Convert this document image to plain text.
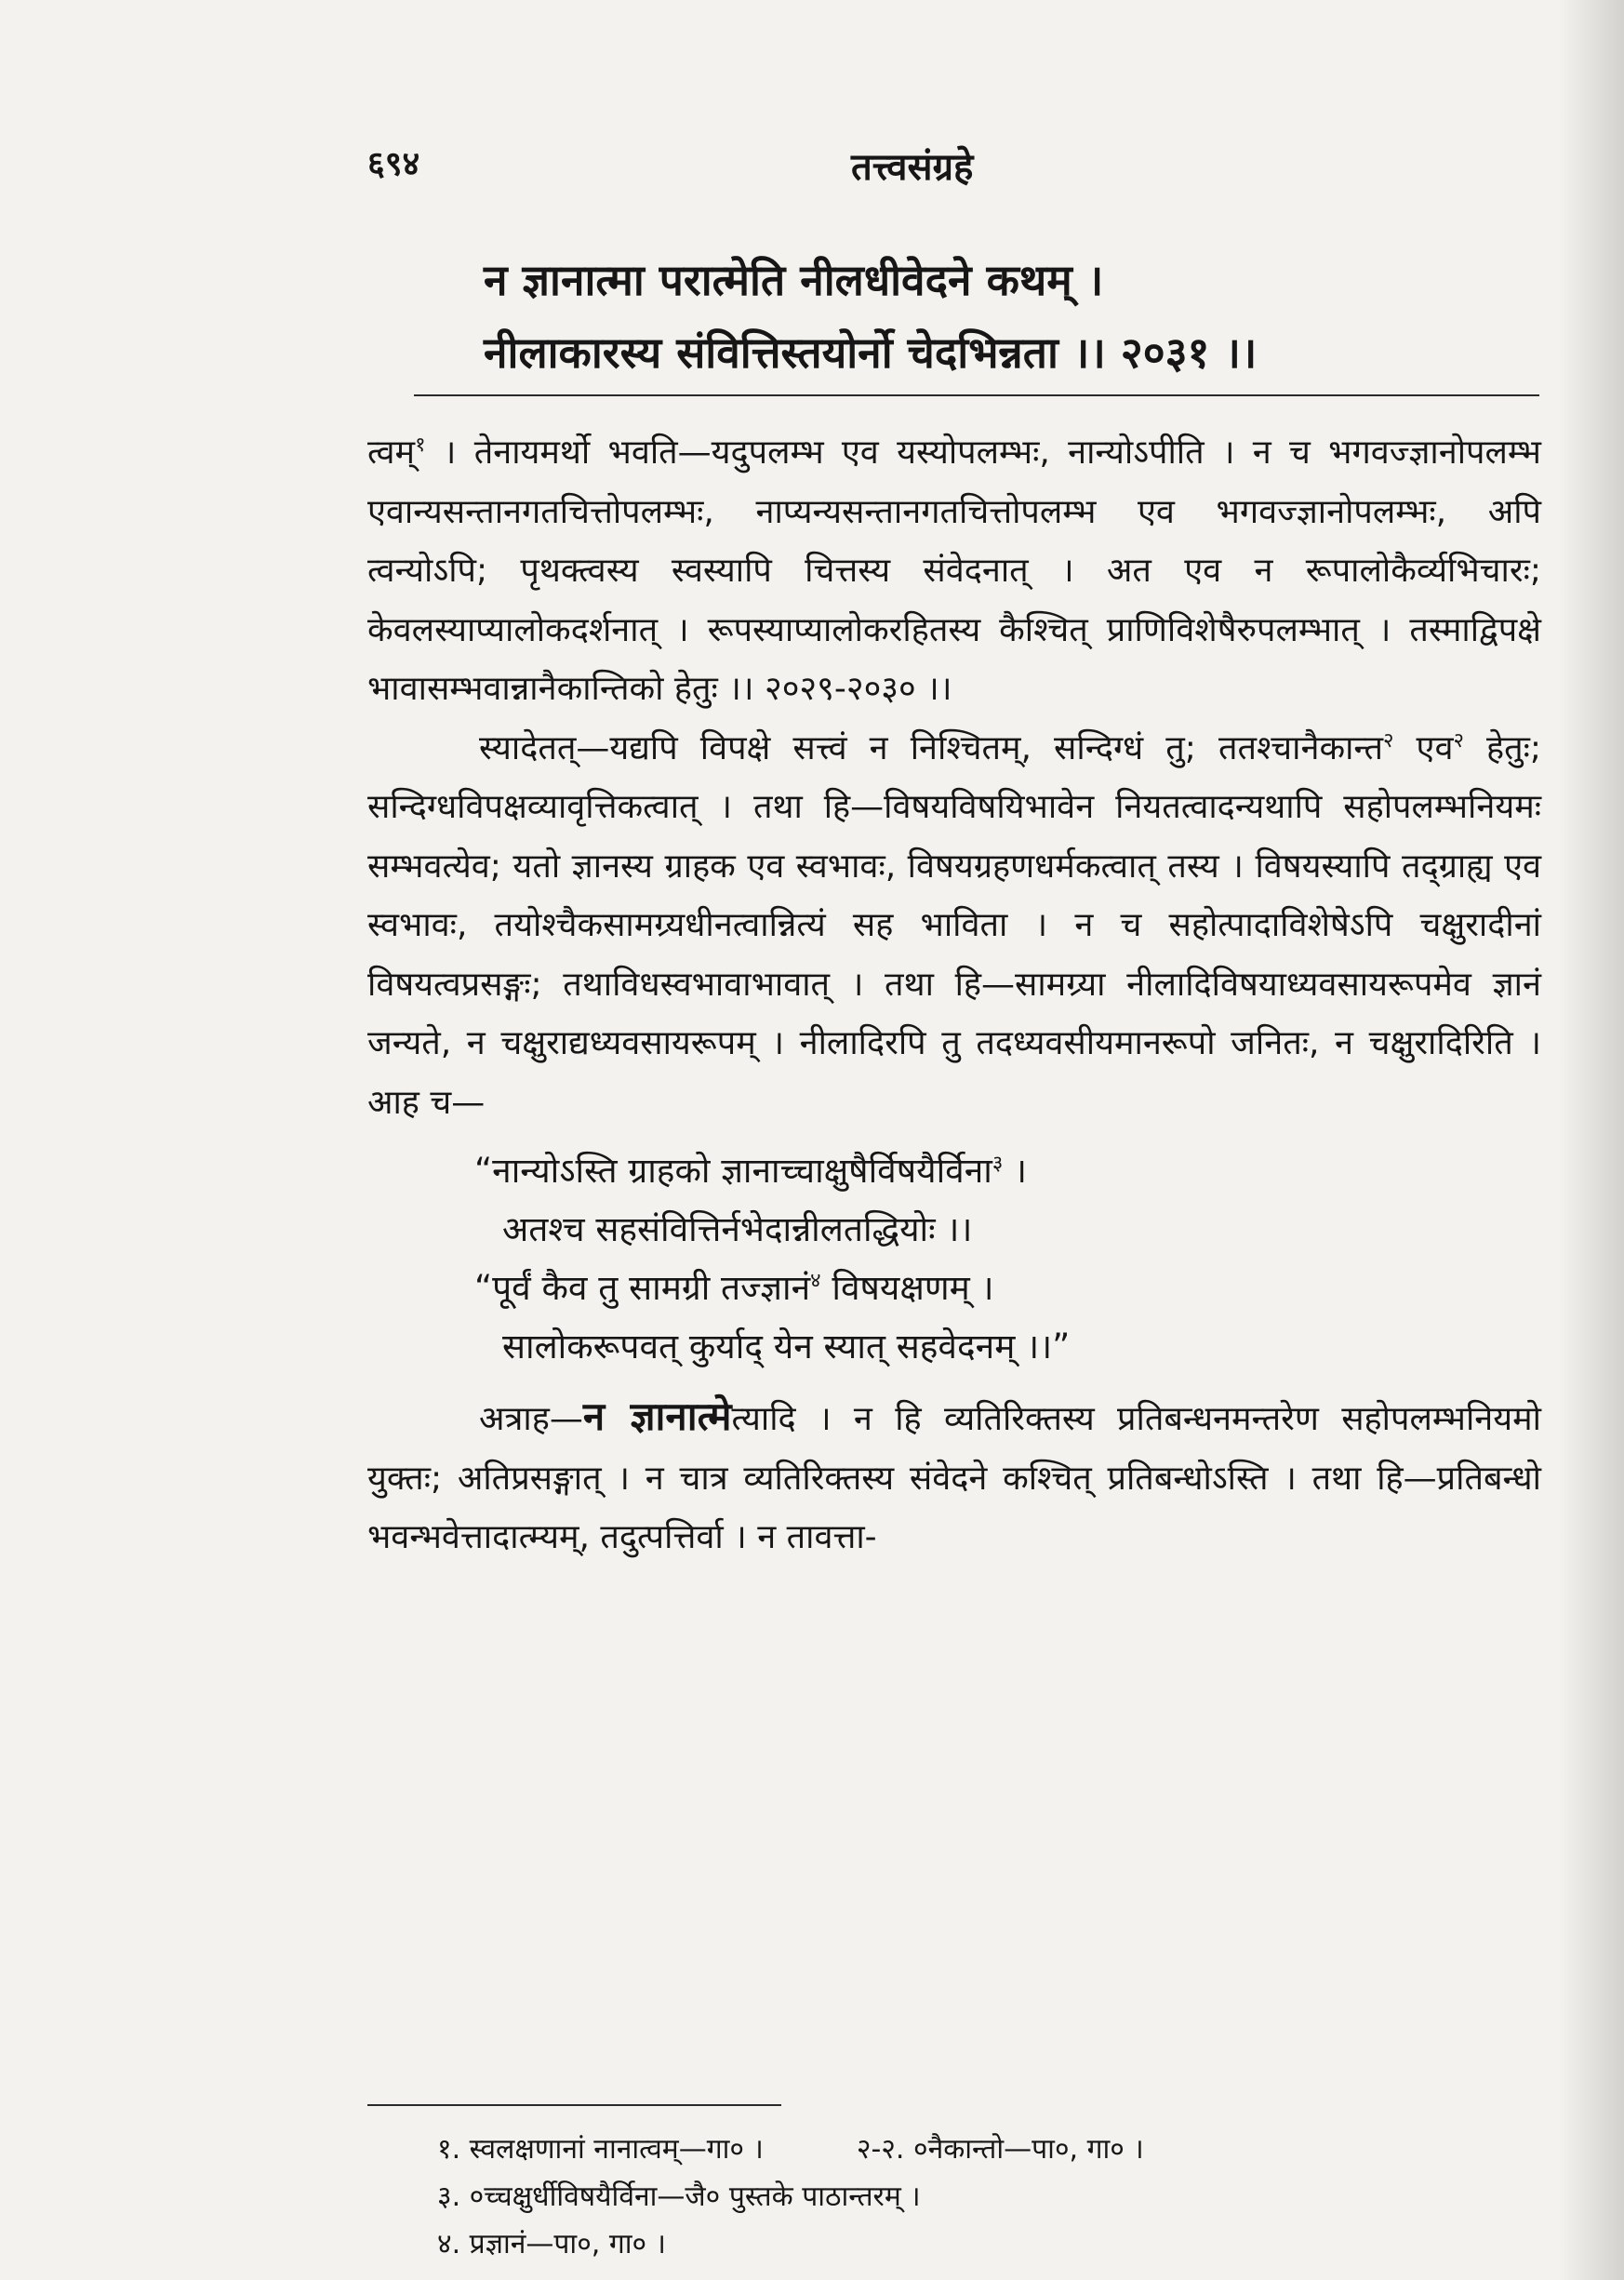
६९४	तत्त्वसंग्रहे
न ज्ञानात्मा परात्मेति नीलधीवेदने कथम् ।
नीलाकारस्य संवित्तिस्तयोर्नो चेदभिन्नता ।। २०३१ ।।

त्वम्$^१$ । तेनायमर्थो भवति—यदुपलम्भ एव यस्योपलम्भः, नान्योऽपीति । न च भगवज्ज्ञानोपलम्भ एवान्यसन्तानगतचित्तोपलम्भः, नाप्यन्यसन्तानगतचित्तोपलम्भ एव भगवज्ज्ञानोपलम्भः, अपि त्वन्योऽपि; पृथक्त्वस्य स्वस्यापि चित्तस्य संवेदनात् । अत एव न रूपालोकैर्व्यभिचारः; केवलस्याप्यालोकदर्शनात् । रूपस्याप्यालोकरहितस्य कैश्चित् प्राणिविशेषैरुपलम्भात् । तस्माद्विपक्षे भावासम्भवान्नानैकान्तिको हेतुः ।। २०२९-२०३० ।।

स्यादेतत्—यद्यपि विपक्षे सत्त्वं न निश्चितम्, सन्दिग्धं तु; ततश्चानैकान्त$^२$ एव$^२$ हेतुः; सन्दिग्धविपक्षव्यावृत्तिकत्वात् । तथा हि—विषयविषयिभावेन नियतत्वादन्यथापि सहोपलम्भनियमः सम्भवत्येव; यतो ज्ञानस्य ग्राहक एव स्वभावः, विषयग्रहणधर्मकत्वात् तस्य । विषयस्यापि तद्ग्राह्य एव स्वभावः, तयोश्चैकसामग्र्यधीनत्वान्नित्यं सह भाविता । न च सहोत्पादाविशेषेऽपि चक्षुरादीनां विषयत्वप्रसङ्गः; तथाविधस्वभावाभावात् । तथा हि—सामग्र्या नीलादिविषयाध्यवसायरूपमेव ज्ञानं जन्यते, न चक्षुराद्यध्यवसायरूपम् । नीलादिरपि तु तदध्यवसीयमानरूपो जनितः, न चक्षुरादिरिति । आह च—

“नान्योऽस्ति ग्राहको ज्ञानाच्चाक्षुषैर्विषयैर्विना$^३$ ।
अतश्च सहसंवित्तिर्नभेदान्नीलतद्धियोः ।।
“पूर्वं कैव तु सामग्री तज्ज्ञानं$^४$ विषयक्षणम् ।
सालोकरूपवत् कुर्याद् येन स्यात् सहवेदनम् ।।”

अत्राह—न ज्ञानात्मेत्यादि । न हि व्यतिरिक्तस्य प्रतिबन्धनमन्तरेण सहोपलम्भनियमो युक्तः; अतिप्रसङ्गात् । न चात्र व्यतिरिक्तस्य संवेदने कश्चित् प्रतिबन्धोऽस्ति । तथा हि—प्रतिबन्धो भवन्भवेत्तादात्म्यम्, तदुत्पत्तिर्वा । न तावत्ता-

१. स्वलक्षणानां नानात्वम्—गा० ।	२-२. ०नैकान्तो—पा०, गा० ।
३. ०च्चक्षुर्धीविषयैर्विना—जै० पुस्तके पाठान्तरम् ।
४. प्रज्ञानं—पा०, गा० ।
